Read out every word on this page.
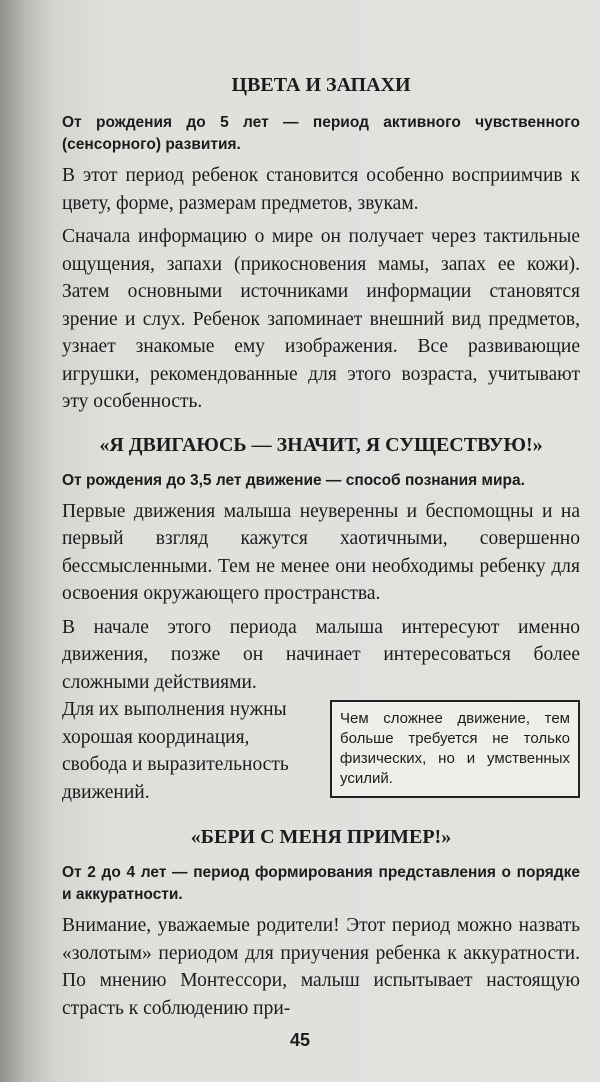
ЦВЕТА И ЗАПАХИ

От рождения до 5 лет — период активного чувственного (сенсорного) развития.

В этот период ребенок становится особенно восприимчив к цвету, форме, размерам предметов, звукам.

Сначала информацию о мире он получает через тактильные ощущения, запахи (прикосновения мамы, запах ее кожи). Затем основными источниками информации становятся зрение и слух. Ребенок запоминает внешний вид предметов, узнает знакомые ему изображения. Все развивающие игрушки, рекомендованные для этого возраста, учитывают эту особенность.

«Я ДВИГАЮСЬ — ЗНАЧИТ, Я СУЩЕСТВУЮ!»

От рождения до 3,5 лет движение — способ познания мира.

Первые движения малыша неуверенны и беспомощны и на первый взгляд кажутся хаотичными, совершенно бессмысленными. Тем не менее они необходимы ребенку для освоения окружающего пространства.

В начале этого периода малыша интересуют именно движения, позже он начинает интересоваться более сложными действиями.

Для их выполнения нужны хорошая координация, свобода и выразительность движений.

Чем сложнее движение, тем больше требуется не только физических, но и умственных усилий.
«БЕРИ С МЕНЯ ПРИМЕР!»

От 2 до 4 лет — период формирования представления о порядке и аккуратности.

Внимание, уважаемые родители! Этот период можно назвать «золотым» периодом для приучения ребенка к аккуратности. По мнению Монтессори, малыш испытывает настоящую страсть к соблюдению при-

45
